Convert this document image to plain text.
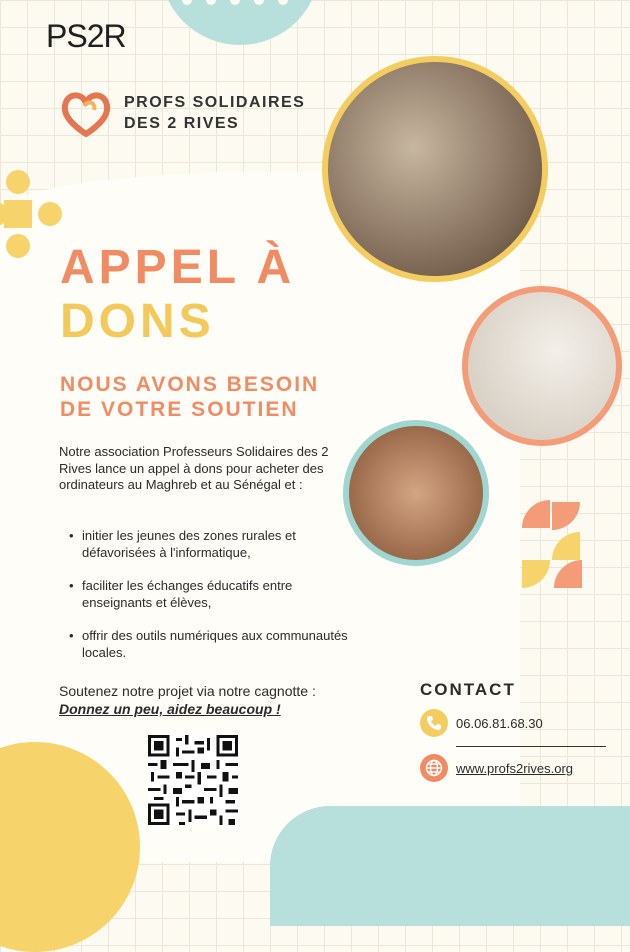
PS2R
PROFS SOLIDAIRES
DES 2 RIVES
APPEL À
DONS
NOUS AVONS BESOIN
DE VOTRE SOUTIEN
Notre association Professeurs Solidaires des 2 Rives lance un appel à dons pour acheter des ordinateurs au Maghreb et au Sénégal et :
• initier les jeunes des zones rurales et défavorisées à l'informatique,
• faciliter les échanges éducatifs entre enseignants et élèves,
• offrir des outils numériques aux communautés locales.
Soutenez notre projet via notre cagnotte :
Donnez un peu, aidez beaucoup !
CONTACT
06.06.81.68.30
www.profs2rives.org
